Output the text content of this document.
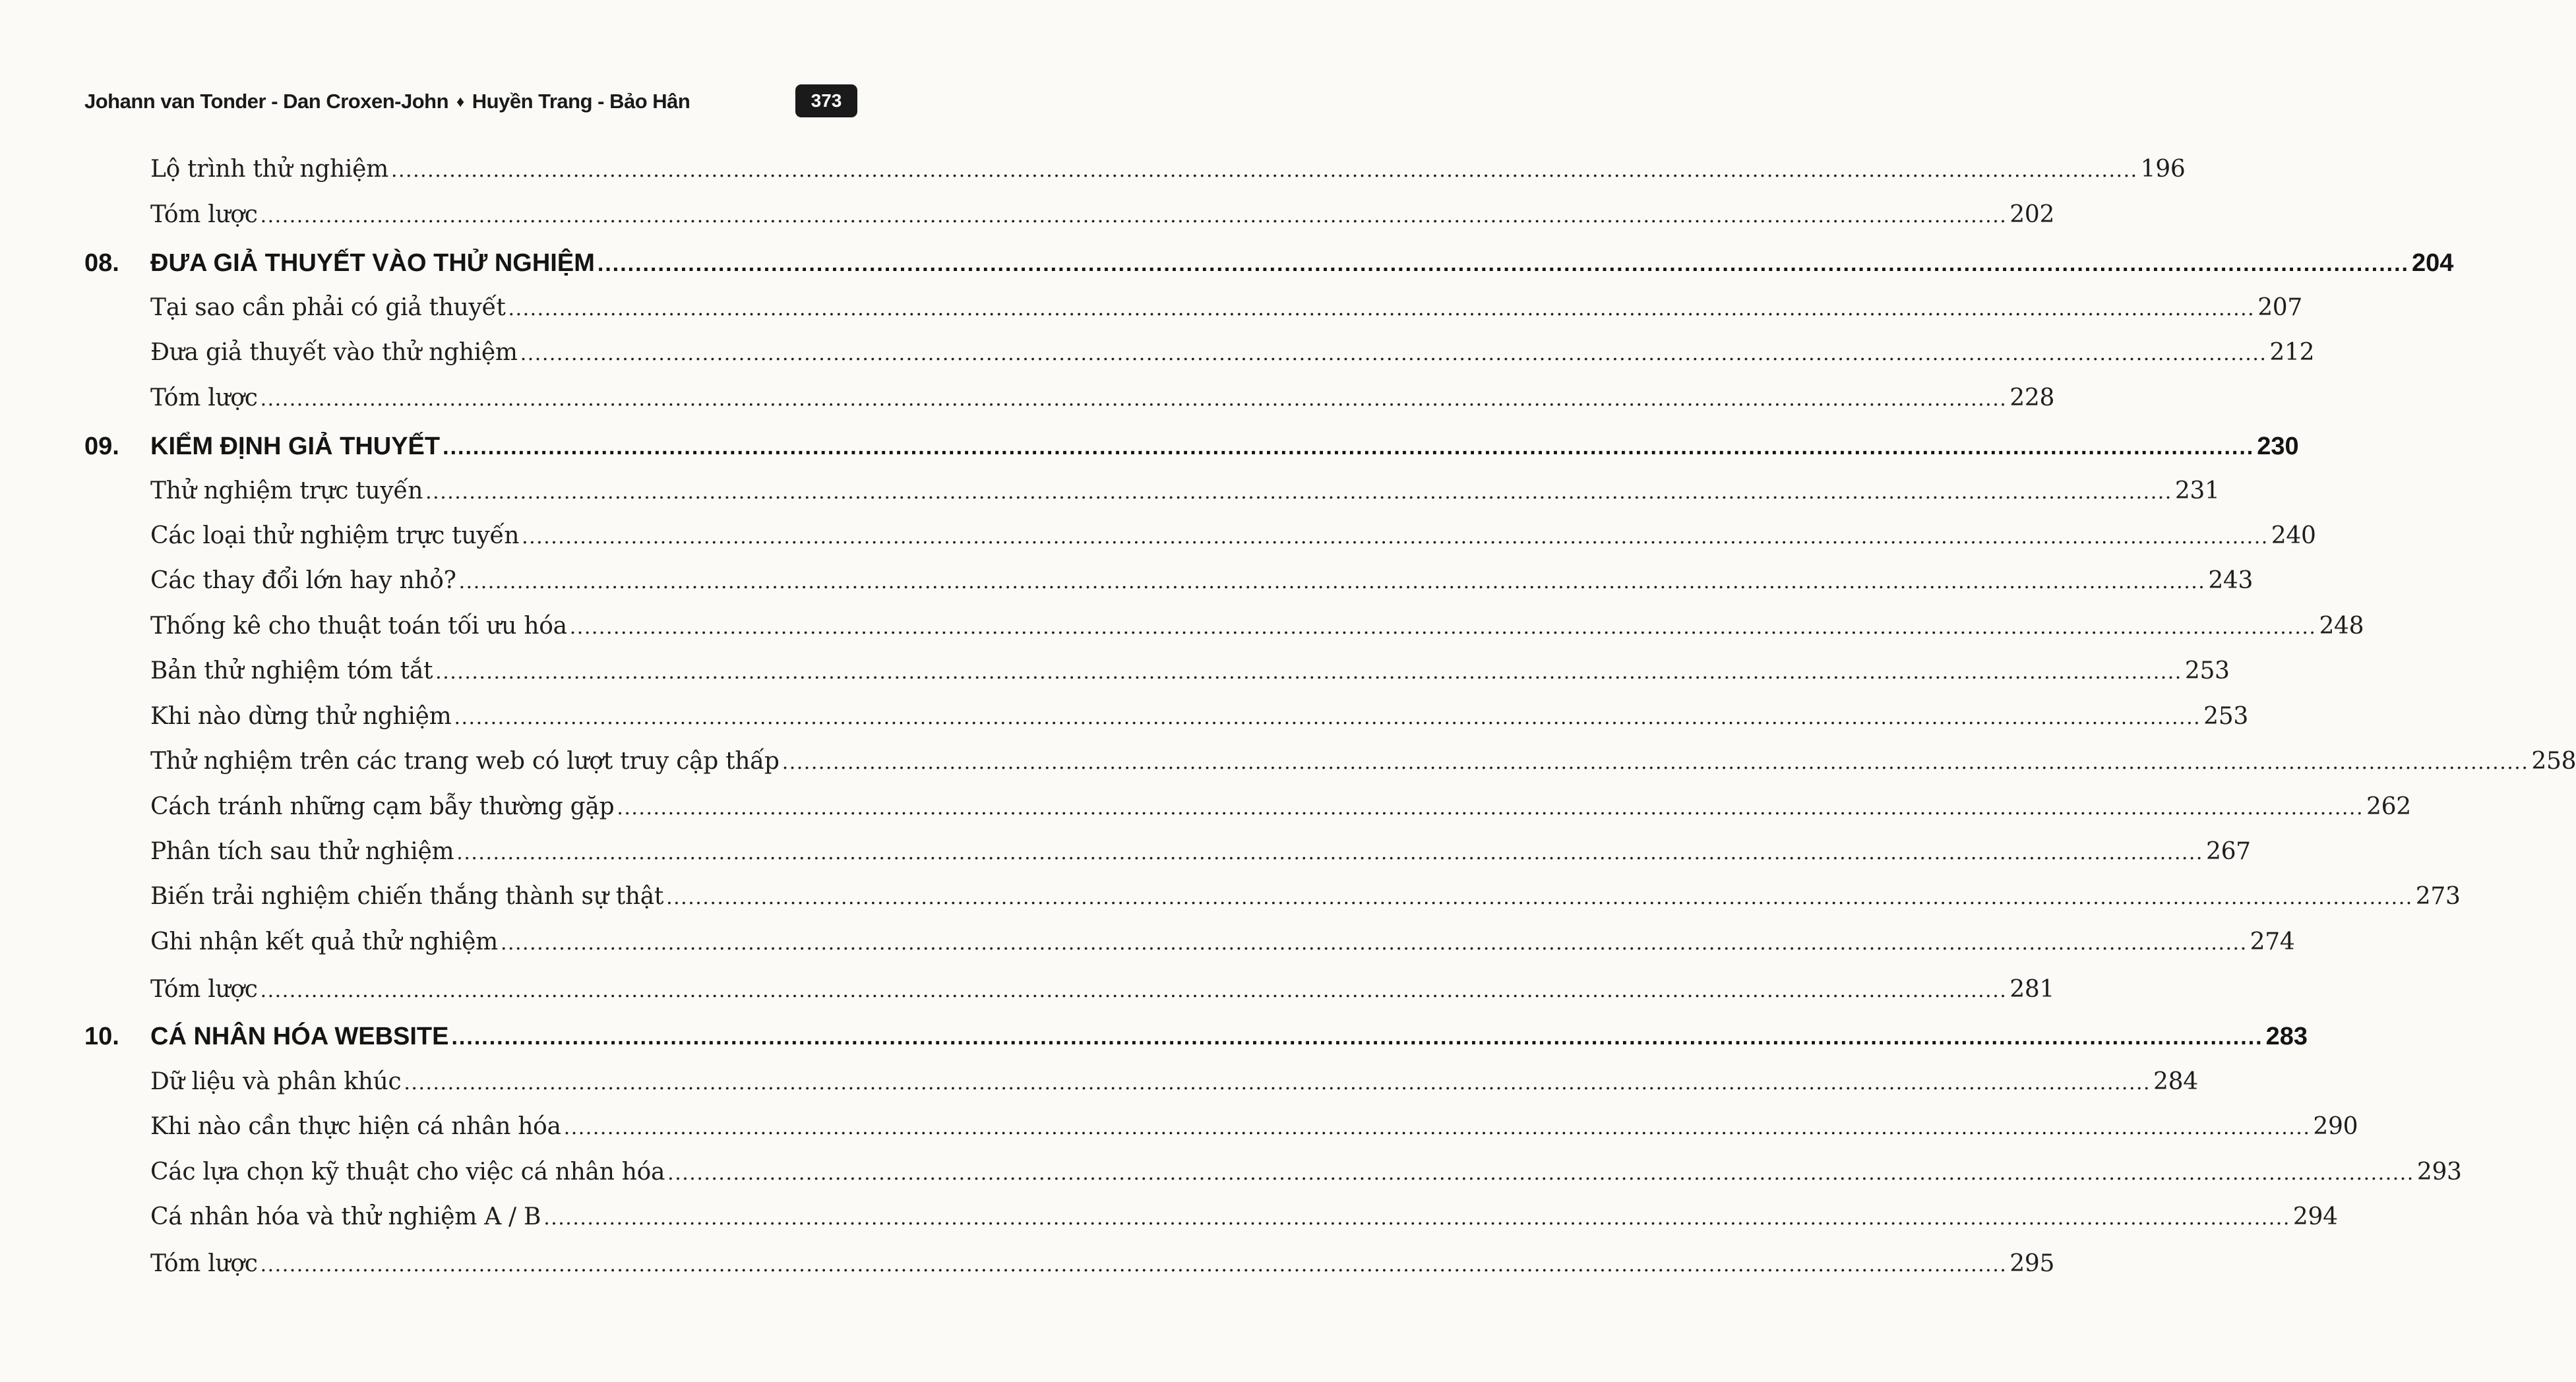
Johann van Tonder - Dan Croxen-John ♦ Huyền Trang - Bảo Hân	373
Lộ trình thử nghiệm ................................................................................................................................................................................................................................................ 196
Tóm lược ................................................................................................................................................................................................................................................ 202
08.	ĐƯA GIẢ THUYẾT VÀO THỬ NGHIỆM ................................................................................................................................................................................................................................................ 204
Tại sao cần phải có giả thuyết ................................................................................................................................................................................................................................................ 207
Đưa giả thuyết vào thử nghiệm ................................................................................................................................................................................................................................................ 212
Tóm lược ................................................................................................................................................................................................................................................ 228
09.	KIỂM ĐỊNH GIẢ THUYẾT ................................................................................................................................................................................................................................................ 230
Thử nghiệm trực tuyến ................................................................................................................................................................................................................................................ 231
Các loại thử nghiệm trực tuyến ................................................................................................................................................................................................................................................ 240
Các thay đổi lớn hay nhỏ? ................................................................................................................................................................................................................................................ 243
Thống kê cho thuật toán tối ưu hóa ................................................................................................................................................................................................................................................ 248
Bản thử nghiệm tóm tắt ................................................................................................................................................................................................................................................ 253
Khi nào dừng thử nghiệm ................................................................................................................................................................................................................................................ 253
Thử nghiệm trên các trang web có lượt truy cập thấp ................................................................................................................................................................................................................................................ 258
Cách tránh những cạm bẫy thường gặp ................................................................................................................................................................................................................................................ 262
Phân tích sau thử nghiệm ................................................................................................................................................................................................................................................ 267
Biến trải nghiệm chiến thắng thành sự thật ................................................................................................................................................................................................................................................ 273
Ghi nhận kết quả thử nghiệm ................................................................................................................................................................................................................................................ 274
Tóm lược ................................................................................................................................................................................................................................................ 281
10.	CÁ NHÂN HÓA WEBSITE ................................................................................................................................................................................................................................................ 283
Dữ liệu và phân khúc ................................................................................................................................................................................................................................................ 284
Khi nào cần thực hiện cá nhân hóa ................................................................................................................................................................................................................................................ 290
Các lựa chọn kỹ thuật cho việc cá nhân hóa ................................................................................................................................................................................................................................................ 293
Cá nhân hóa và thử nghiệm A / B ................................................................................................................................................................................................................................................ 294
Tóm lược ................................................................................................................................................................................................................................................ 295
